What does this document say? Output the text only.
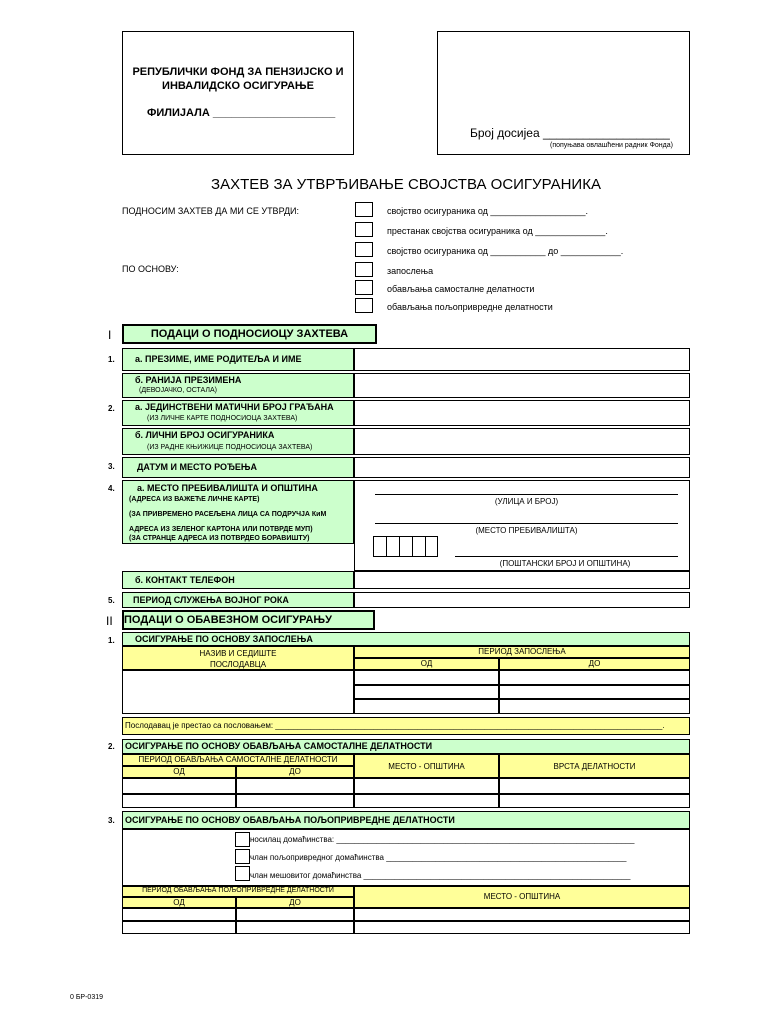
РЕПУБЛИЧКИ ФОНД ЗА ПЕНЗИЈСКО И
ИНВАЛИДСКО ОСИГУРАЊЕ
ФИЛИЈАЛА ____________________
Број досијеа ___________________
(попуњава овлашћени радник Фонда)
ЗАХТЕВ ЗА УТВРЂИВАЊЕ СВОЈСТВА ОСИГУРАНИКА
ПОДНОСИМ ЗАХТЕВ ДА МИ СЕ УТВРДИ:
ПО ОСНОВУ:
својство осигураника од ___________________.
престанак својства осигураника од ______________.
својство осигураника од ___________ до ____________.
запослења
обављања самосталне делатности
обављања пољопривредне делатности
I	ПОДАЦИ О ПОДНОСИОЦУ ЗАХТЕВА
1. а. ПРЕЗИМЕ, ИМЕ РОДИТЕЉА И ИМЕ
б. РАНИЈА ПРЕЗИМЕНА
(ДЕВОЈАЧКО, ОСТАЛА)
2. а. ЈЕДИНСТВЕНИ МАТИЧНИ БРОЈ ГРАЂАНА
(ИЗ ЛИЧНЕ КАРТЕ ПОДНОСИОЦА ЗАХТЕВА)
б. ЛИЧНИ БРОЈ ОСИГУРАНИКА
(ИЗ РАДНЕ КЊИЖИЦЕ ПОДНОСИОЦА ЗАХТЕВА)
3. ДАТУМ И МЕСТО РОЂЕЊА
4. а. МЕСТО ПРЕБИВАЛИШТА И ОПШТИНА
(АДРЕСА ИЗ ВАЖЕЋЕ ЛИЧНЕ КАРТЕ)
(ЗА ПРИВРЕМЕНО РАСЕЉЕНА ЛИЦА СА ПОДРУЧЈА КиМ
АДРЕСА ИЗ ЗЕЛЕНОГ КАРТОНА ИЛИ ПОТВРДЕ МУП)
(ЗА СТРАНЦЕ АДРЕСА ИЗ ПОТВРДЕО БОРАВИШТУ)
(УЛИЦА И БРОЈ)
(МЕСТО ПРЕБИВАЛИШТА)
(ПОШТАНСКИ БРОЈ И ОПШТИНА)
б. КОНТАКТ ТЕЛЕФОН
5. ПЕРИОД СЛУЖЕЊА ВОЈНОГ РОКА
II ПОДАЦИ О ОБАВЕЗНОМ ОСИГУРАЊУ
1. ОСИГУРАЊЕ ПО ОСНОВУ ЗАПОСЛЕЊА
НАЗИВ И СЕДИШТЕ
ПОСЛОДАВЦА
ПЕРИОД ЗАПОСЛЕЊА
ОД	ДО
Послодавац је престао са пословањем: _______________________________________________________________________________________.
2. ОСИГУРАЊЕ ПО ОСНОВУ ОБАВЉАЊА САМОСТАЛНЕ ДЕЛАТНОСТИ
ПЕРИОД ОБАВЉАЊА САМОСТАЛНЕ ДЕЛАТНОСТИ
ОД	ДО
МЕСТО - ОПШТИНА	ВРСТА ДЕЛАТНОСТИ
3. ОСИГУРАЊЕ ПО ОСНОВУ ОБАВЉАЊА ПОЉОПРИВРЕДНЕ ДЕЛАТНОСТИ
носилац домаћинства: ___________________________________________________________________
члан пољопривредног домаћинства ______________________________________________________
члан мешовитог домаћинства ____________________________________________________________
ПЕРИОД ОБАВЉАЊА ПОЉОПРИВРЕДНЕ ДЕЛАТНОСТИ
ОД	ДО
МЕСТО - ОПШТИНА
0 БР-0319
